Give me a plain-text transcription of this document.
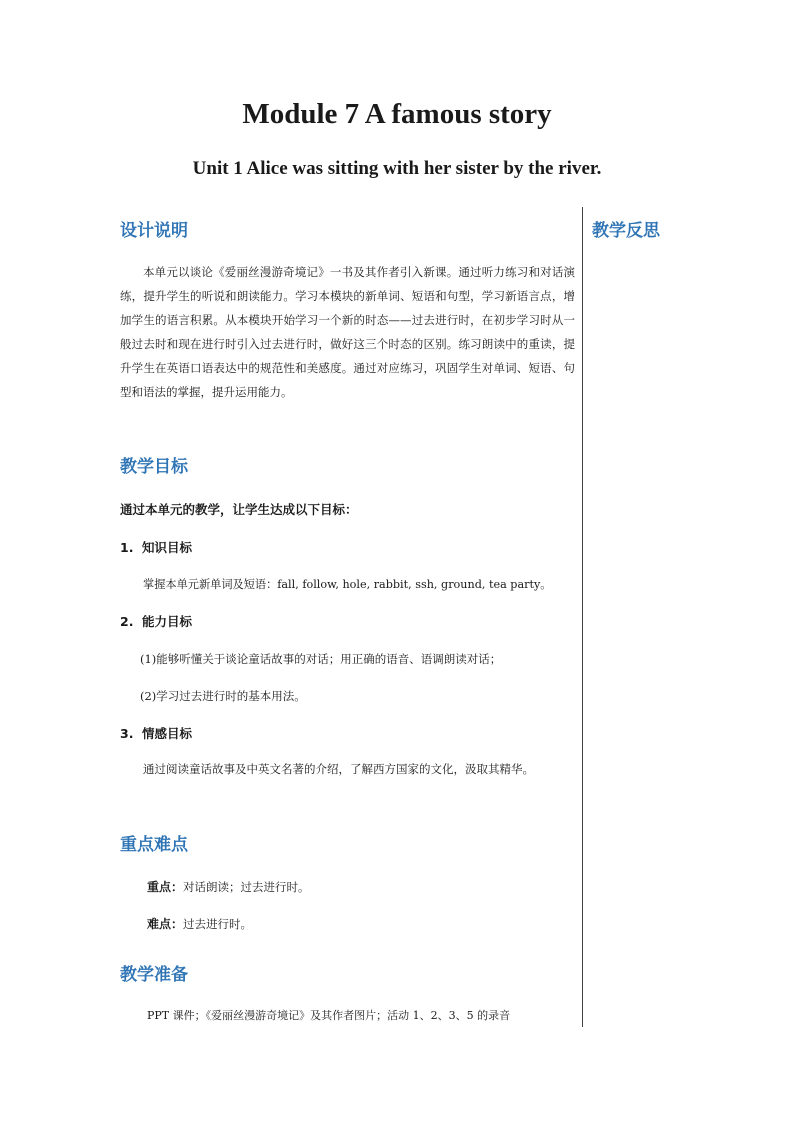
Module 7 A famous story
Unit 1 Alice was sitting with her sister by the river.
教学反思
设计说明
本单元以谈论《爱丽丝漫游奇境记》一书及其作者引入新课。通过听力练习和对话演练，提升学生的听说和朗读能力。学习本模块的新单词、短语和句型，学习新语言点，增加学生的语言积累。从本模块开始学习一个新的时态——过去进行时，在初步学习时从一般过去时和现在进行时引入过去进行时，做好这三个时态的区别。练习朗读中的重读，提升学生在英语口语表达中的规范性和美感度。通过对应练习，巩固学生对单词、短语、句型和语法的掌握，提升运用能力。
教学目标
通过本单元的教学，让学生达成以下目标：
1. 知识目标
掌握本单元新单词及短语：fall, follow, hole, rabbit, ssh, ground, tea party。
2. 能力目标
(1)能够听懂关于谈论童话故事的对话；用正确的语音、语调朗读对话；
(2)学习过去进行时的基本用法。
3. 情感目标
通过阅读童话故事及中英文名著的介绍，了解西方国家的文化，汲取其精华。
重点难点
重点：对话朗读；过去进行时。
难点：过去进行时。
教学准备
PPT 课件；《爱丽丝漫游奇境记》及其作者图片；活动 1、2、3、5 的录音
